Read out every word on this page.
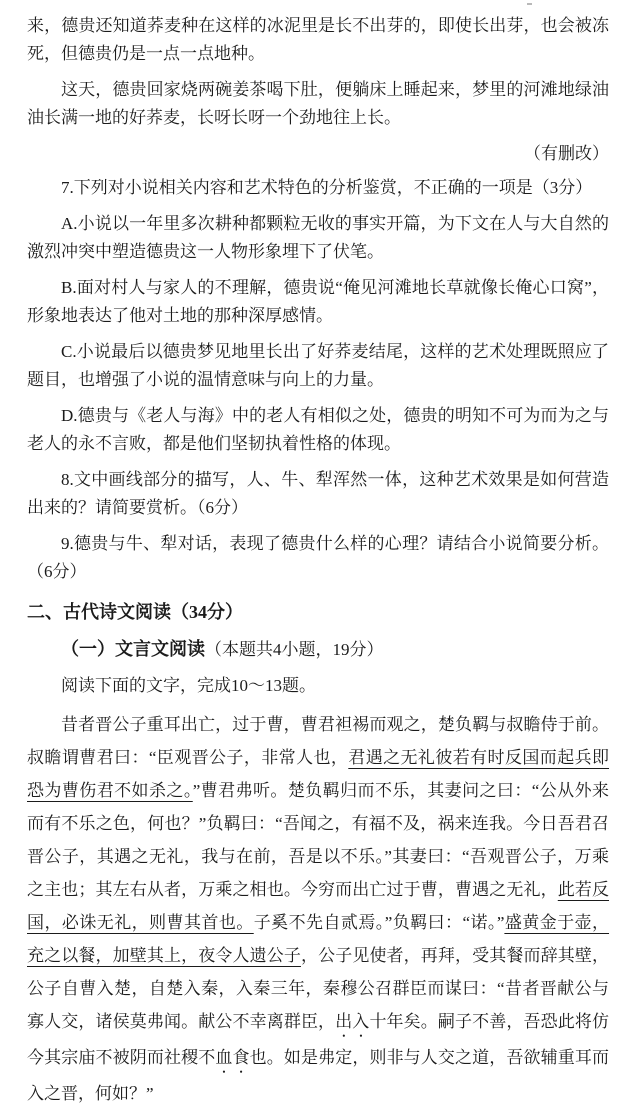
来，德贵还知道荞麦种在这样的冰泥里是长不出芽的，即使长出芽，也会被冻死，但德贵仍是一点一点地种。

这天，德贵回家烧两碗姜茶喝下肚，便躺床上睡起来，梦里的河滩地绿油油长满一地的好荞麦，长呀长呀一个劲地往上长。

（有删改）

7.下列对小说相关内容和艺术特色的分析鉴赏，不正确的一项是（3分）

A.小说以一年里多次耕种都颗粒无收的事实开篇，为下文在人与大自然的激烈冲突中塑造德贵这一人物形象埋下了伏笔。

B.面对村人与家人的不理解，德贵说“俺见河滩地长草就像长俺心口窝”，形象地表达了他对土地的那种深厚感情。

C.小说最后以德贵梦见地里长出了好荞麦结尾，这样的艺术处理既照应了题目，也增强了小说的温情意味与向上的力量。

D.德贵与《老人与海》中的老人有相似之处，德贵的明知不可为而为之与老人的永不言败，都是他们坚韧执着性格的体现。

8.文中画线部分的描写，人、牛、犁浑然一体，这种艺术效果是如何营造出来的？请简要赏析。（6分）

9.德贵与牛、犁对话，表现了德贵什么样的心理？请结合小说简要分析。（6分）

二、古代诗文阅读（34分）

（一）文言文阅读（本题共4小题，19分）

阅读下面的文字，完成10～13题。

昔者晋公子重耳出亡，过于曹，曹君袒裼而观之，楚负羁与叔瞻侍于前。叔瞻谓曹君曰：“臣观晋公子，非常人也，君遇之无礼彼若有时反国而起兵即恐为曹伤君不如杀之。”曹君弗听。楚负羁归而不乐，其妻问之曰：“公从外来而有不乐之色，何也？”负羁曰：“吾闻之，有福不及，祸来连我。今日吾君召晋公子，其遇之无礼，我与在前，吾是以不乐。”其妻曰：“吾观晋公子，万乘之主也；其左右从者，万乘之相也。今穷而出亡过于曹，曹遇之无礼，此若反国，必诛无礼，则曹其首也。子奚不先自贰焉。”负羁曰：“诺。”盛黄金于壶，充之以餐，加壁其上，夜令人遗公子，公子见使者，再拜，受其餐而辞其壁，公子自曹入楚，自楚入秦，入秦三年，秦穆公召群臣而谋曰：“昔者晋献公与寡人交，诸侯莫弗闻。献公不幸离群臣，出入十年矣。嗣子不善，吾恐此将仿今其宗庙不被阴而社稷不血食也。如是弗定，则非与人交之道，吾欲辅重耳而入之晋，何如？”
